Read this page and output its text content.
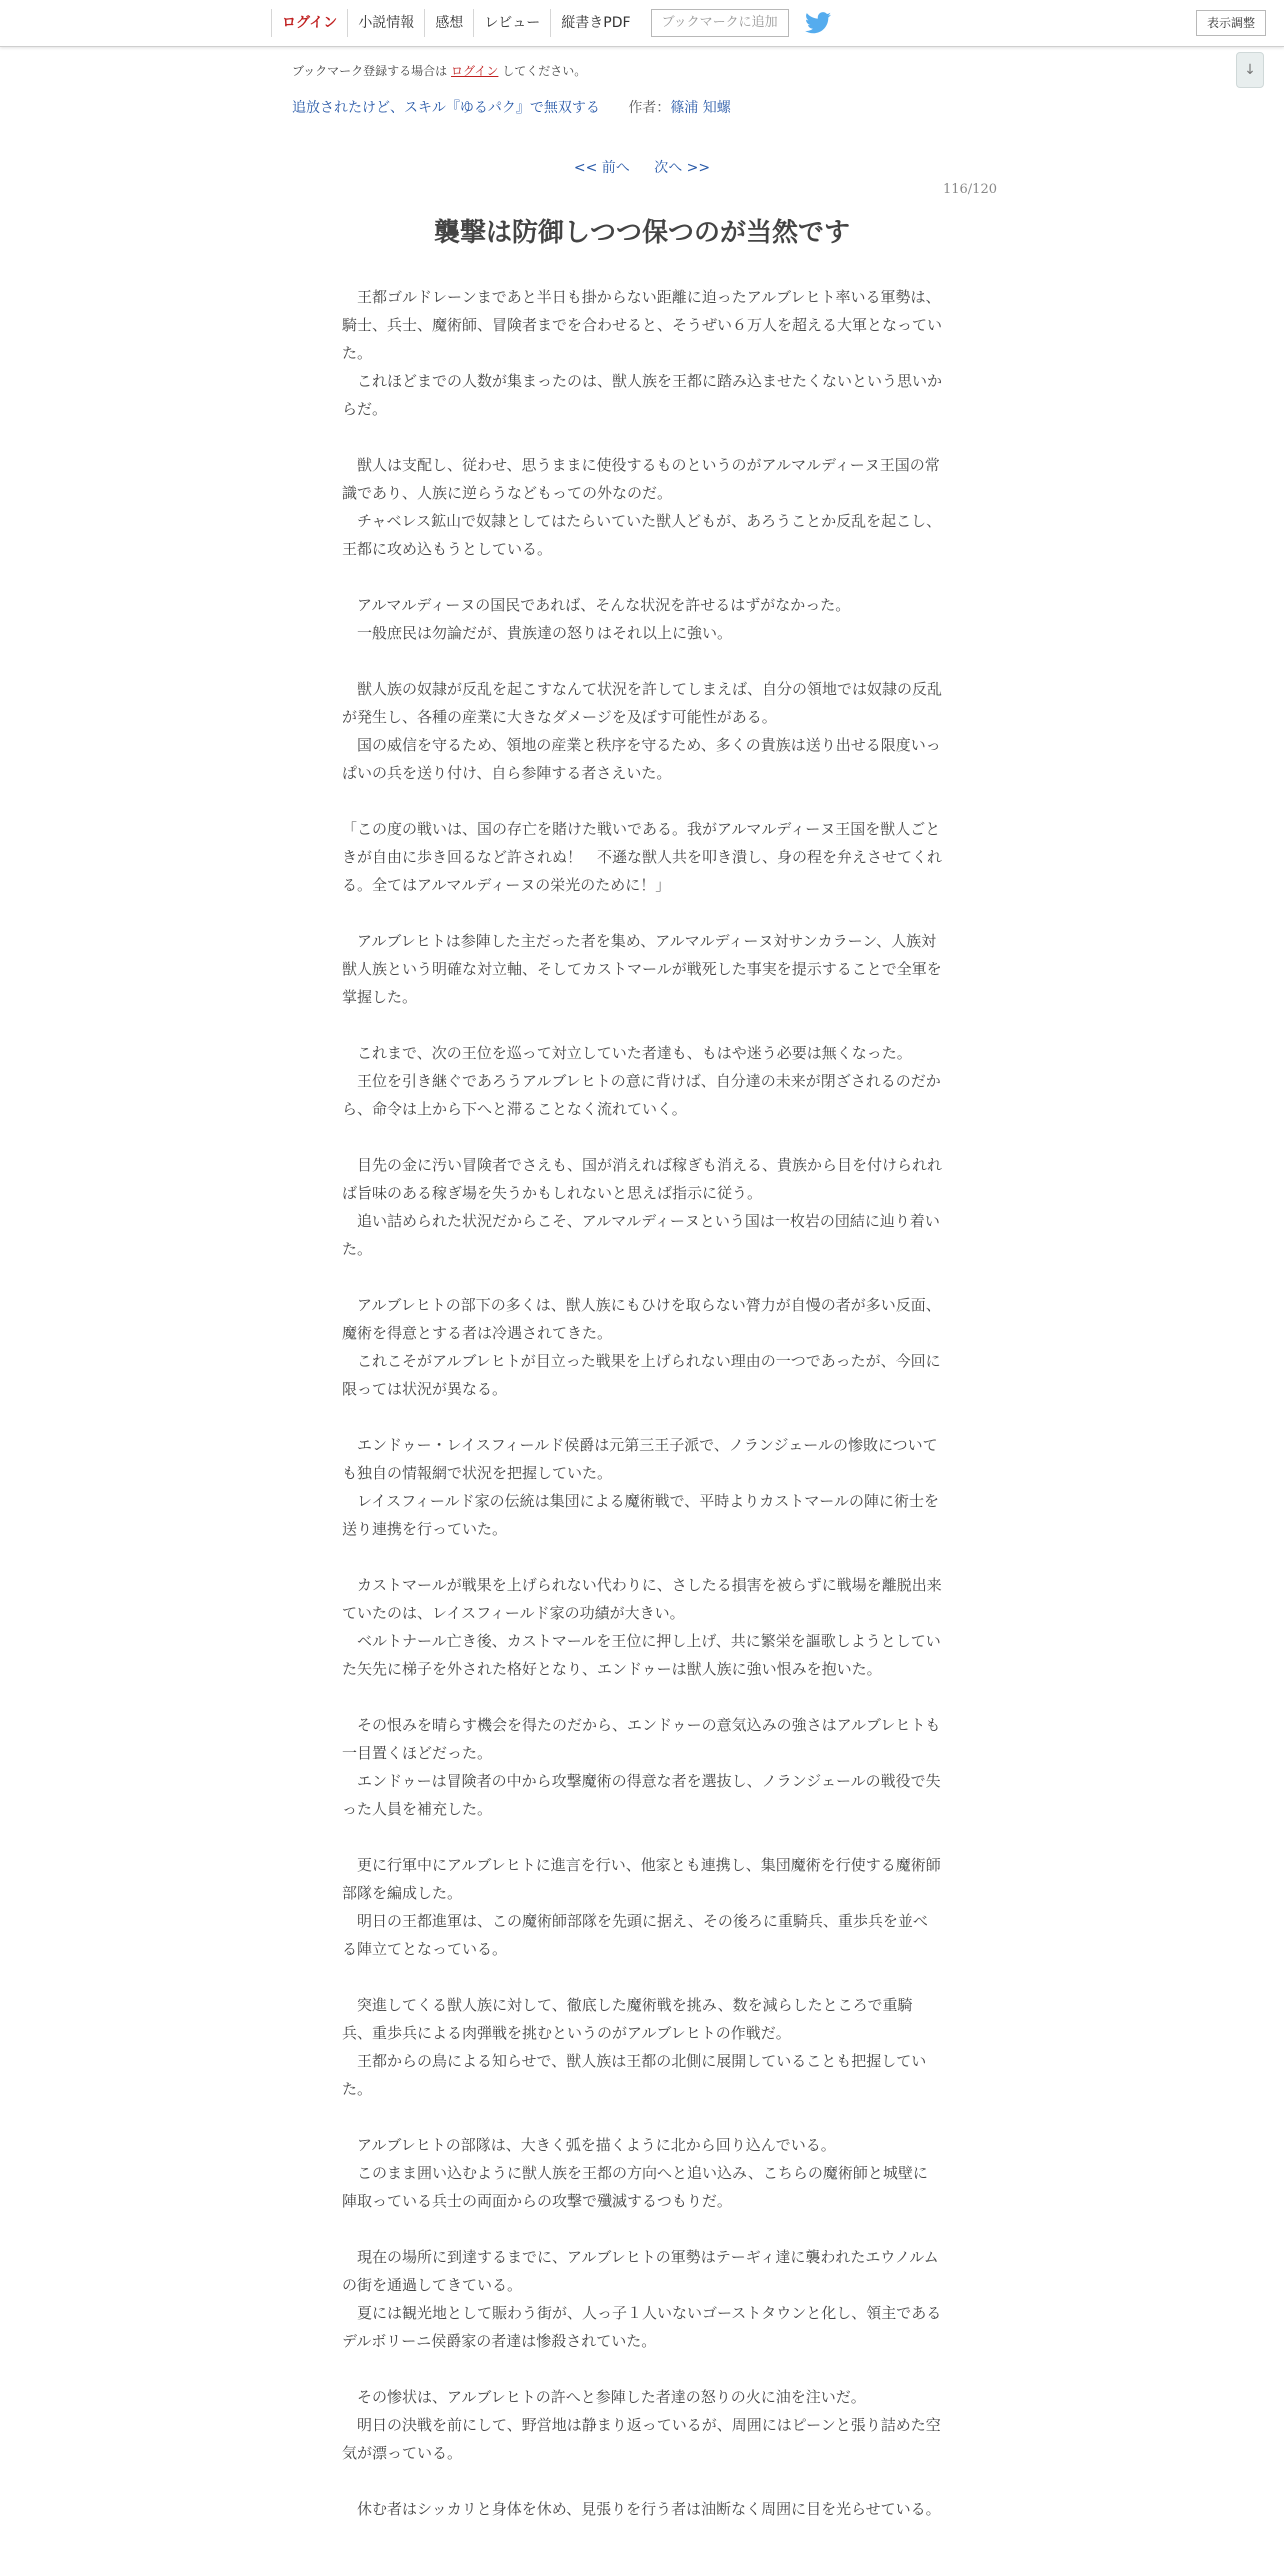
ログイン	小説情報	感想	レビュー	縦書きPDF	ブックマークに追加	表示調整
↓
ブックマーク登録する場合は ログイン してください。
追放されたけど、スキル『ゆるパク』で無双する 作者：篠浦 知螺
<< 前へ 次へ >>
116/120
襲撃は防御しつつ保つのが当然です

　王都ゴルドレーンまであと半日も掛からない距離に迫ったアルブレヒト率いる軍勢は、騎士、兵士、魔術師、冒険者までを合わせると、そうぜい６万人を超える大軍となっていた。

　これほどまでの人数が集まったのは、獣人族を王都に踏み込ませたくないという思いからだ。

　獣人は支配し、従わせ、思うままに使役するものというのがアルマルディーヌ王国の常識であり、人族に逆らうなどもっての外なのだ。

　チャベレス鉱山で奴隷としてはたらいていた獣人どもが、あろうことか反乱を起こし、王都に攻め込もうとしている。

　アルマルディーヌの国民であれば、そんな状況を許せるはずがなかった。

　一般庶民は勿論だが、貴族達の怒りはそれ以上に強い。

　獣人族の奴隷が反乱を起こすなんて状況を許してしまえば、自分の領地では奴隷の反乱が発生し、各種の産業に大きなダメージを及ぼす可能性がある。

　国の威信を守るため、領地の産業と秩序を守るため、多くの貴族は送り出せる限度いっぱいの兵を送り付け、自ら参陣する者さえいた。

「この度の戦いは、国の存亡を賭けた戦いである。我がアルマルディーヌ王国を獣人ごときが自由に歩き回るなど許されぬ！　不遜な獣人共を叩き潰し、身の程を弁えさせてくれる。全てはアルマルディーヌの栄光のために！」

　アルブレヒトは参陣した主だった者を集め、アルマルディーヌ対サンカラーン、人族対獣人族という明確な対立軸、そしてカストマールが戦死した事実を提示することで全軍を掌握した。

　これまで、次の王位を巡って対立していた者達も、もはや迷う必要は無くなった。

　王位を引き継ぐであろうアルブレヒトの意に背けば、自分達の未来が閉ざされるのだから、命令は上から下へと滞ることなく流れていく。

　目先の金に汚い冒険者でさえも、国が消えれば稼ぎも消える、貴族から目を付けられれば旨味のある稼ぎ場を失うかもしれないと思えば指示に従う。

　追い詰められた状況だからこそ、アルマルディーヌという国は一枚岩の団結に辿り着いた。

　アルブレヒトの部下の多くは、獣人族にもひけを取らない膂力が自慢の者が多い反面、魔術を得意とする者は冷遇されてきた。

　これこそがアルブレヒトが目立った戦果を上げられない理由の一つであったが、今回に限っては状況が異なる。

　エンドゥー・レイスフィールド侯爵は元第三王子派で、ノランジェールの惨敗についても独自の情報網で状況を把握していた。

　レイスフィールド家の伝統は集団による魔術戦で、平時よりカストマールの陣に術士を送り連携を行っていた。

　カストマールが戦果を上げられない代わりに、さしたる損害を被らずに戦場を離脱出来ていたのは、レイスフィールド家の功績が大きい。

　ベルトナール亡き後、カストマールを王位に押し上げ、共に繁栄を謳歌しようとしていた矢先に梯子を外された格好となり、エンドゥーは獣人族に強い恨みを抱いた。

　その恨みを晴らす機会を得たのだから、エンドゥーの意気込みの強さはアルブレヒトも一目置くほどだった。

　エンドゥーは冒険者の中から攻撃魔術の得意な者を選抜し、ノランジェールの戦役で失った人員を補充した。

　更に行軍中にアルブレヒトに進言を行い、他家とも連携し、集団魔術を行使する魔術師部隊を編成した。

　明日の王都進軍は、この魔術師部隊を先頭に据え、その後ろに重騎兵、重歩兵を並べる陣立てとなっている。

　突進してくる獣人族に対して、徹底した魔術戦を挑み、数を減らしたところで重騎兵、重歩兵による肉弾戦を挑むというのがアルブレヒトの作戦だ。

　王都からの鳥による知らせで、獣人族は王都の北側に展開していることも把握していた。

　アルブレヒトの部隊は、大きく弧を描くように北から回り込んでいる。

　このまま囲い込むように獣人族を王都の方向へと追い込み、こちらの魔術師と城壁に陣取っている兵士の両面からの攻撃で殲滅するつもりだ。

　現在の場所に到達するまでに、アルブレヒトの軍勢はテーギィ達に襲われたエウノルムの街を通過してきている。

　夏には観光地として賑わう街が、人っ子１人いないゴーストタウンと化し、領主であるデルボリーニ侯爵家の者達は惨殺されていた。

　その惨状は、アルブレヒトの許へと参陣した者達の怒りの火に油を注いだ。

　明日の決戦を前にして、野営地は静まり返っているが、周囲にはピーンと張り詰めた空気が漂っている。

　休む者はシッカリと身体を休め、見張りを行う者は油断なく周囲に目を光らせている。
